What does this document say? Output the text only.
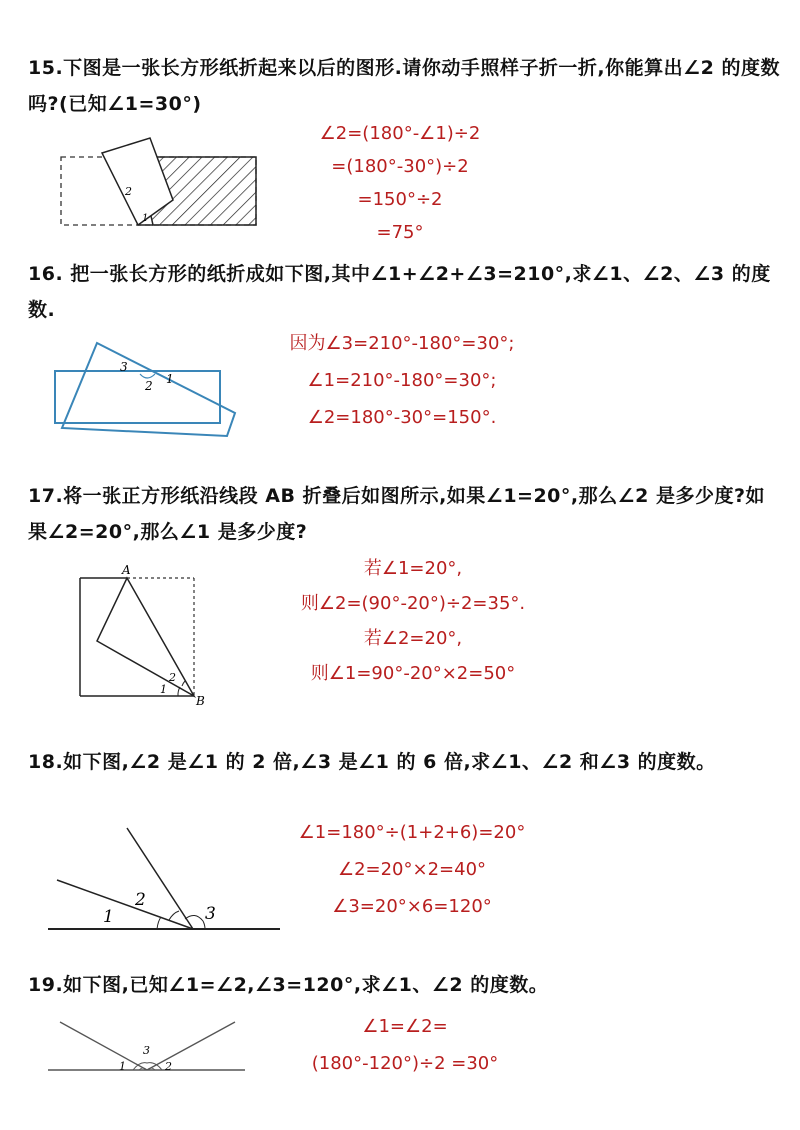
15.下图是一张长方形纸折起来以后的图形.请你动手照样子折一折,你能算出∠2 的度数吗?(已知∠1=30°)
2
1
∠2=(180°-∠1)÷2
=(180°-30°)÷2
=150°÷2
=75°
16. 把一张长方形的纸折成如下图,其中∠1+∠2+∠3=210°,求∠1、∠2、∠3 的度数.
3
2 1
因为∠3=210°-180°=30°;
∠1=210°-180°=30°;
∠2=180°-30°=150°.
17.将一张正方形纸沿线段 AB 折叠后如图所示,如果∠1=20°,那么∠2 是多少度?如果∠2=20°,那么∠1 是多少度?
A
B
1
2
若∠1=20°,
则∠2=(90°-20°)÷2=35°.
若∠2=20°,
则∠1=90°-20°×2=50°
18.如下图,∠2 是∠1 的 2 倍,∠3 是∠1 的 6 倍,求∠1、∠2 和∠3 的度数。
1
2
3
∠1=180°÷(1+2+6)=20°
∠2=20°×2=40°
∠3=20°×6=120°
19.如下图,已知∠1=∠2,∠3=120°,求∠1、∠2 的度数。
3
1	2
∠1=∠2=
(180°-120°)÷2 =30°
